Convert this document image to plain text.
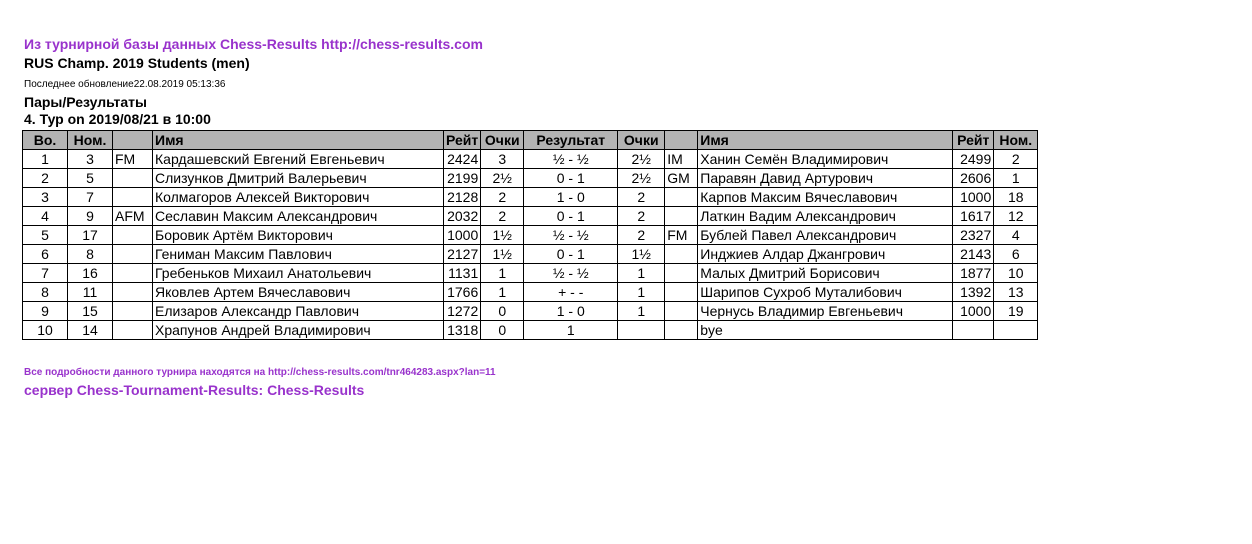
Из турнирной базы данных Chess-Results http://chess-results.com
RUS Champ. 2019 Students (men)
Последнее обновление22.08.2019 05:13:36
Пары/Результаты
4. Тур on 2019/08/21 в 10:00
Bo.	Ном.		Имя	Рейт	Очки	Результат	Очки		Имя	Рейт	Ном.
1	3	FM	Кардашевский Евгений Евгеньевич	2424	3	½ - ½	2½	IM	Ханин Семён Владимирович	2499	2
2	5		Слизунков Дмитрий Валерьевич	2199	2½	0 - 1	2½	GM	Паравян Давид Артурович	2606	1
3	7		Колмагоров Алексей Викторович	2128	2	1 - 0	2		Карпов Максим Вячеславович	1000	18
4	9	AFM	Сеславин Максим Александрович	2032	2	0 - 1	2		Латкин Вадим Александрович	1617	12
5	17		Боровик Артём Викторович	1000	1½	½ - ½	2	FM	Бублей Павел Александрович	2327	4
6	8		Гениман Максим Павлович	2127	1½	0 - 1	1½		Инджиев Алдар Джангрович	2143	6
7	16		Гребеньков Михаил Анатольевич	1131	1	½ - ½	1		Малых Дмитрий Борисович	1877	10
8	11		Яковлев Артем Вячеславович	1766	1	+ - -	1		Шарипов Сухроб Муталибович	1392	13
9	15		Елизаров Александр Павлович	1272	0	1 - 0	1		Чернусь Владимир Евгеньевич	1000	19
10	14		Храпунов Андрей Владимирович	1318	0	1			bye		
Все подробности данного турнира находятся на http://chess-results.com/tnr464283.aspx?lan=11
сервер Chess-Tournament-Results: Chess-Results
